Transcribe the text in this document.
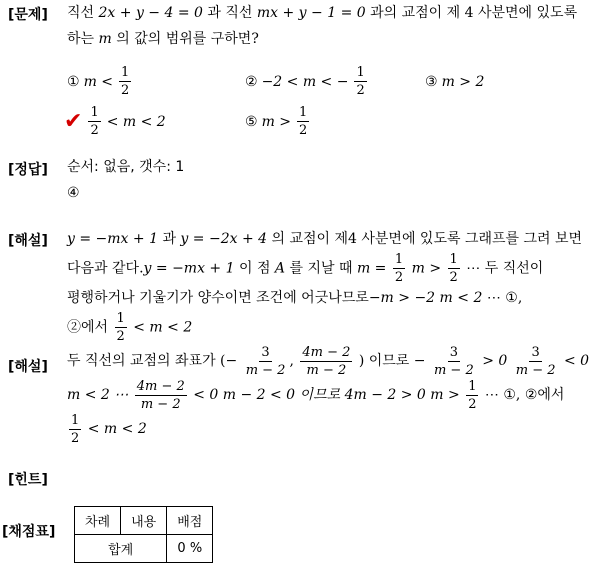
[문제]
[정답]
[해설]
[해설]
[힌트]
[채점표]
직선 2x + y − 4 = 0 과 직선 mx + y − 1 = 0 과의 교점이 제 4 사분면에 있도록
하는 m 의 값의 범위를 구하면?
① $m < \frac{1}{2}$	② −2 < m < − $\frac{1}{2}$	③ m > 2
✔ $\frac{1}{2} < m < 2$	⑤ $m > \frac{1}{2}$
순서: 없음, 갯수: 1
④
y = −mx + 1 과 y = −2x + 4 의 교점이 제4 사분면에 있도록 그래프를 그려 보면
다음과 같다.y = −mx + 1 이 점 A 를 지날 때 $m = \frac{1}{2}$ $m > \frac{1}{2}$ ⋯ 두 직선이
평행하거나 기울기가 양수이면 조건에 어긋나므로−m > −2 m < 2 ⋯ ①,
②에서 $\frac{1}{2} < m < 2$
두 직선의 교점의 좌표가 (− $\frac{3}{m - 2}$ , $\frac{4m - 2}{m - 2}$ ) 이므로 − $\frac{3}{m - 2} > 0 \frac{3}{m - 2} < 0$
m < 2 ⋯ $\frac{4m - 2}{m - 2} < 0$ m − 2 < 0 이므로 4m − 2 > 0 $m > \frac{1}{2}$ ⋯ ①, ②에서
$\frac{1}{2} < m < 2$
차례	내용	배점
합계		0 %
